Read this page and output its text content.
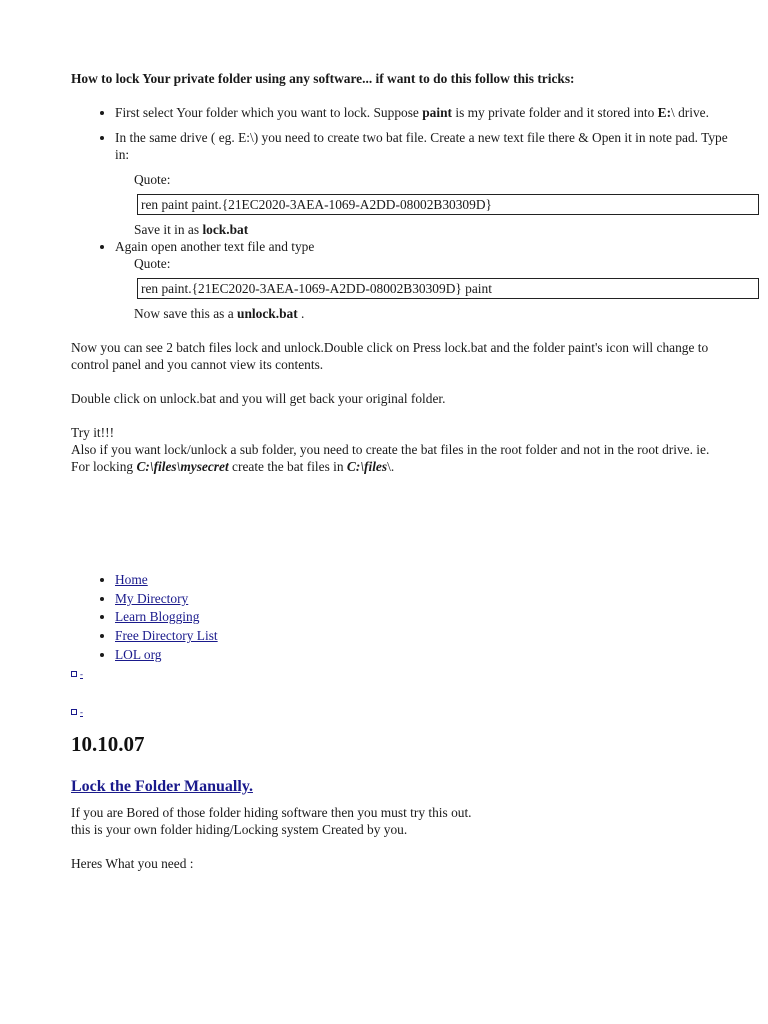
How to lock Your private folder using any software... if want to do this follow this tricks:

• First select Your folder which you want to lock. Suppose paint is my private folder and it stored into E:\ drive.
• In the same drive ( eg. E:\) you need to create two bat file. Create a new text file there & Open it in note pad. Type in:
Quote:
ren paint paint.{21EC2020-3AEA-1069-A2DD-08002B30309D}
Save it in as lock.bat
• Again open another text file and type
Quote:
ren paint.{21EC2020-3AEA-1069-A2DD-08002B30309D} paint
Now save this as a unlock.bat .

Now you can see 2 batch files lock and unlock.Double click on Press lock.bat and the folder paint's icon will change to control panel and you cannot view its contents.

Double click on unlock.bat and you will get back your original folder.

Try it!!!
Also if you want lock/unlock a sub folder, you need to create the bat files in the root folder and not in the root drive. ie. For locking C:\files\mysecret create the bat files in C:\files\.

• Home
• My Directory
• Learn Blogging
• Free Directory List
• LOL org
-
-
10.10.07
Lock the Folder Manually.

If you are Bored of those folder hiding software then you must try this out.

this is your own folder hiding/Locking system Created by you.

Heres What you need :
